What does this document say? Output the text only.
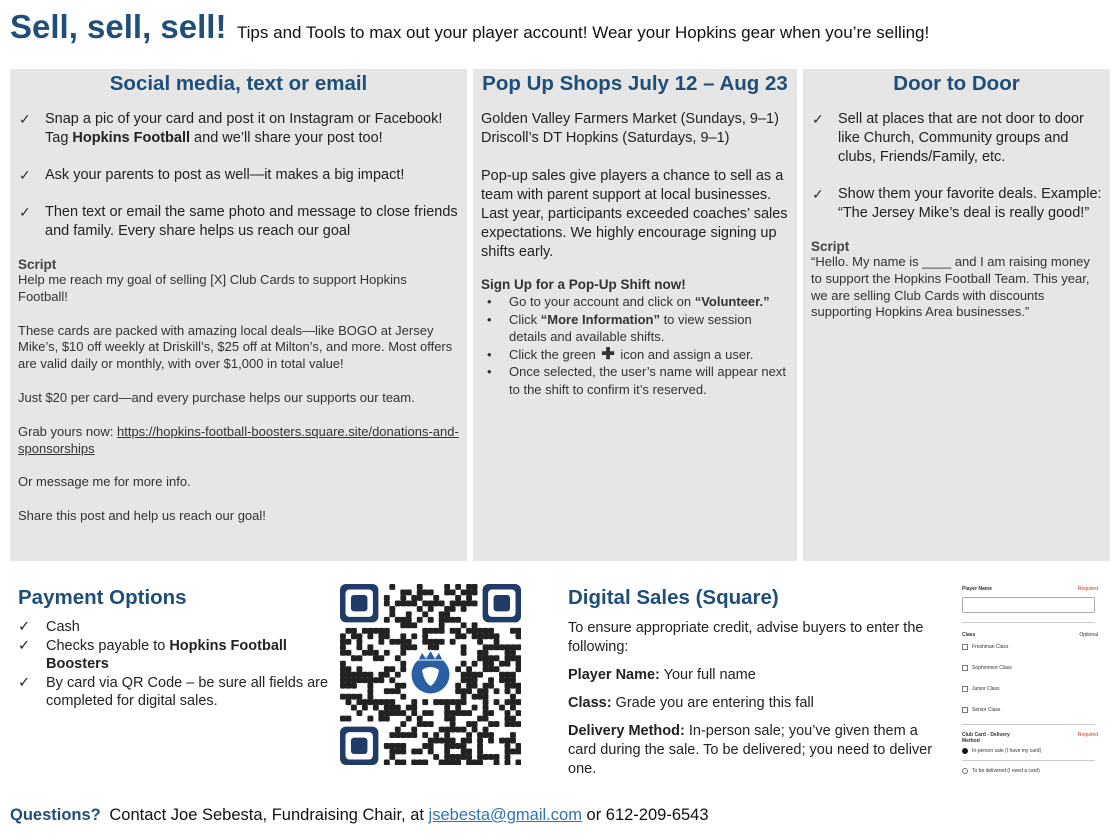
Sell, sell, sell! Tips and Tools to max out your player account! Wear your Hopkins gear when you’re selling!
Social media, text or email
✓ Snap a pic of your card and post it on Instagram or Facebook! Tag Hopkins Football and we’ll share your post too!
✓ Ask your parents to post as well—it makes a big impact!
✓ Then text or email the same photo and message to close friends and family. Every share helps us reach our goal
Script

Help me reach my goal of selling [X] Club Cards to support Hopkins Football!

These cards are packed with amazing local deals—like BOGO at Jersey Mike’s, $10 off weekly at Driskill’s, $25 off at Milton’s, and more. Most offers are valid daily or monthly, with over $1,000 in total value!

Just $20 per card—and every purchase helps our supports our team.

Grab yours now: https://hopkins-football-boosters.square.site/donations-and-sponsorships

Or message me for more info.

Share this post and help us reach our goal!

Pop Up Shops July 12 – Aug 23

Golden Valley Farmers Market (Sundays, 9–1)
Driscoll’s DT Hopkins (Saturdays, 9–1)

Pop-up sales give players a chance to sell as a team with parent support at local businesses. Last year, participants exceeded coaches’ sales expectations. We highly encourage signing up shifts early.

Sign Up for a Pop-Up Shift now!
• Go to your account and click on “Volunteer.”
• Click “More Information” to view session details and available shifts.
• Click the green ✚ icon and assign a user.
• Once selected, the user’s name will appear next to the shift to confirm it’s reserved.
Door to Door
✓ Sell at places that are not door to door like Church, Community groups and clubs, Friends/Family, etc.
✓ Show them your favorite deals. Example: “The Jersey Mike’s deal is really good!”
Script
“Hello. My name is ____ and I am raising money to support the Hopkins Football Team. This year, we are selling Club Cards with discounts supporting Hopkins Area businesses.”
Payment Options
✓ Cash
✓ Checks payable to Hopkins Football Boosters
✓ By card via QR Code – be sure all fields are completed for digital sales.
Digital Sales (Square)

To ensure appropriate credit, advise buyers to enter the following:

Player Name: Your full name

Class: Grade you are entering this fall

Delivery Method: In-person sale; you’ve given them a card during the sale. To be delivered; you need to deliver one.

Player Name	Required
Class	Optional
Freshman Class
Sophomore Class
Junior Class
Senior Class
Club Card - Delivery Method
Required
In-person sale (I have my card)
To be delivered (I need a card)
Questions? Contact Joe Sebesta, Fundraising Chair, at jsebesta@gmail.com or 612-209-6543
